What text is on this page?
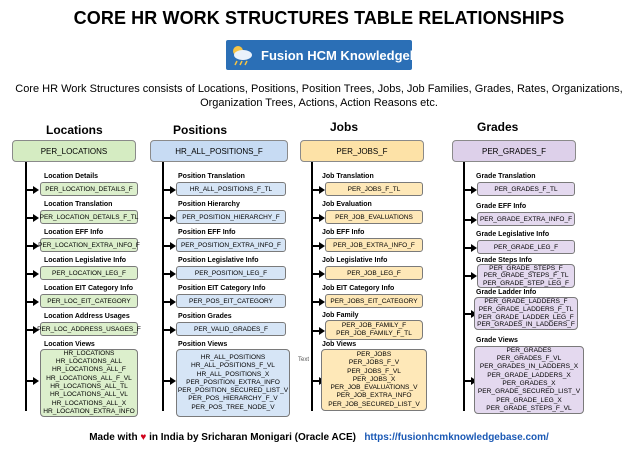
CORE HR WORK STRUCTURES TABLE RELATIONSHIPS
Fusion HCM Knowledgebase
Core HR Work Structures consists of Locations, Positions, Position Trees, Jobs, Job Families, Grades, Rates, Organizations, Organization Trees, Actions, Action Reasons etc.
Locations
PER_LOCATIONS
Location Details
PER_LOCATION_DETAILS_F
Location Translation
PER_LOCATION_DETAILS_F_TL
Location EFF Info
PER_LOCATION_EXTRA_INFO_F
Location Legislative Info
PER_LOCATION_LEG_F
Location EIT Category Info
PER_LOC_EIT_CATEGORY
Location Address Usages
PER_LOC_ADDRESS_USAGES_F
Location Views
HR_LOCATIONS
HR_LOCATIONS_ALL
HR_LOCATIONS_ALL_F
HR_LOCATIONS_ALL_F_VL
HR_LOCATIONS_ALL_TL
HR_LOCATIONS_ALL_VL
HR_LOCATIONS_ALL_X
HR_LOCATION_EXTRA_INFO
Positions
HR_ALL_POSITIONS_F
Position Translation
HR_ALL_POSITIONS_F_TL
Position Hierarchy
PER_POSITION_HIERARCHY_F
Position EFF Info
PER_POSITION_EXTRA_INFO_F
Position Legislative Info
PER_POSITION_LEG_F
Position EIT Category Info
PER_POS_EIT_CATEGORY
Position Grades
PER_VALID_GRADES_F
Position Views
HR_ALL_POSITIONS
HR_ALL_POSITIONS_F_VL
HR_ALL_POSITIONS_X
PER_POSITION_EXTRA_INFO
PER_POSITION_SECURED_LIST_V
PER_POS_HIERARCHY_F_V
PER_POS_TREE_NODE_V
Text
Jobs
PER_JOBS_F
Job Translation
PER_JOBS_F_TL
Job Evaluation
PER_JOB_EVALUATIONS
Job EFF Info
PER_JOB_EXTRA_INFO_F
Job Legislative Info
PER_JOB_LEG_F
Job EIT Category Info
PER_JOBS_EIT_CATEGORY
Job Family
PER_JOB_FAMILY_F
PER_JOB_FAMILY_F_TL
Job Views
PER_JOBS
PER_JOBS_F_V
PER_JOBS_F_VL
PER_JOBS_X
PER_JOB_EVALUATIONS_V
PER_JOB_EXTRA_INFO
PER_JOB_SECURED_LIST_V
Grades
PER_GRADES_F
Grade Translation
PER_GRADES_F_TL
Grade EFF Info
PER_GRADE_EXTRA_INFO_F
Grade Legislative Info
PER_GRADE_LEG_F
Grade Steps Info
PER_GRADE_STEPS_F
PER_GRADE_STEPS_F_TL
PER_GRADE_STEP_LEG_F
Grade Ladder Info
PER_GRADE_LADDERS_F
PER_GRADE_LADDERS_F_TL
PER_GRADE_LADDER_LEG_F
PER_GRADES_IN_LADDERS_F
Grade Views
PER_GRADES
PER_GRADES_F_VL
PER_GRADES_IN_LADDERS_X
PER_GRADE_LADDERS_X
PER_GRADES_X
PER_GRADE_SECURED_LIST_V
PER_GRADE_LEG_X
PER_GRADE_STEPS_F_VL
Made with ♥ in India by Sricharan Monigari (Oracle ACE) https://fusionhcmknowledgebase.com/
